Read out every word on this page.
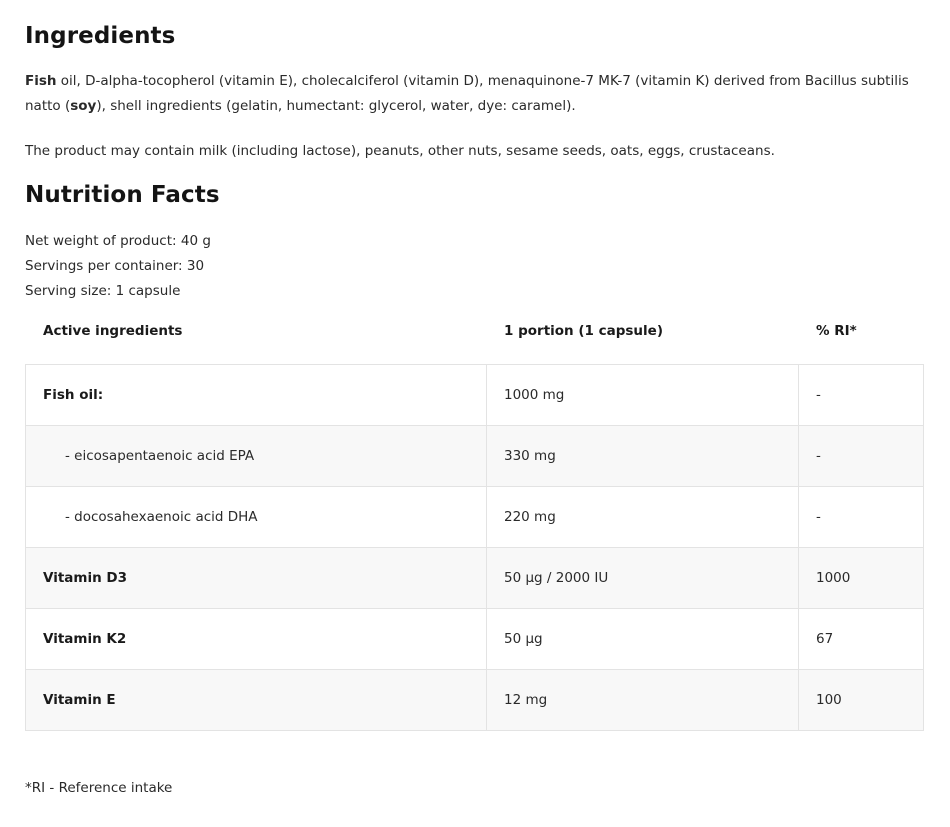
Ingredients

Fish oil, D-alpha-tocopherol (vitamin E), cholecalciferol (vitamin D), menaquinone-7 MK-7 (vitamin K) derived from Bacillus subtilis natto (soy), shell ingredients (gelatin, humectant: glycerol, water, dye: caramel).

The product may contain milk (including lactose), peanuts, other nuts, sesame seeds, oats, eggs, crustaceans.

Nutrition Facts

Net weight of product: 40 g

Servings per container: 30

Serving size: 1 capsule

Active ingredients	1 portion (1 capsule)	% RI*
Fish oil:	1000 mg	-
- eicosapentaenoic acid EPA	330 mg	-
- docosahexaenoic acid DHA	220 mg	-
Vitamin D3	50 µg / 2000 IU	1000
Vitamin K2	50 µg	67
Vitamin E	12 mg	100

*RI - Reference intake
